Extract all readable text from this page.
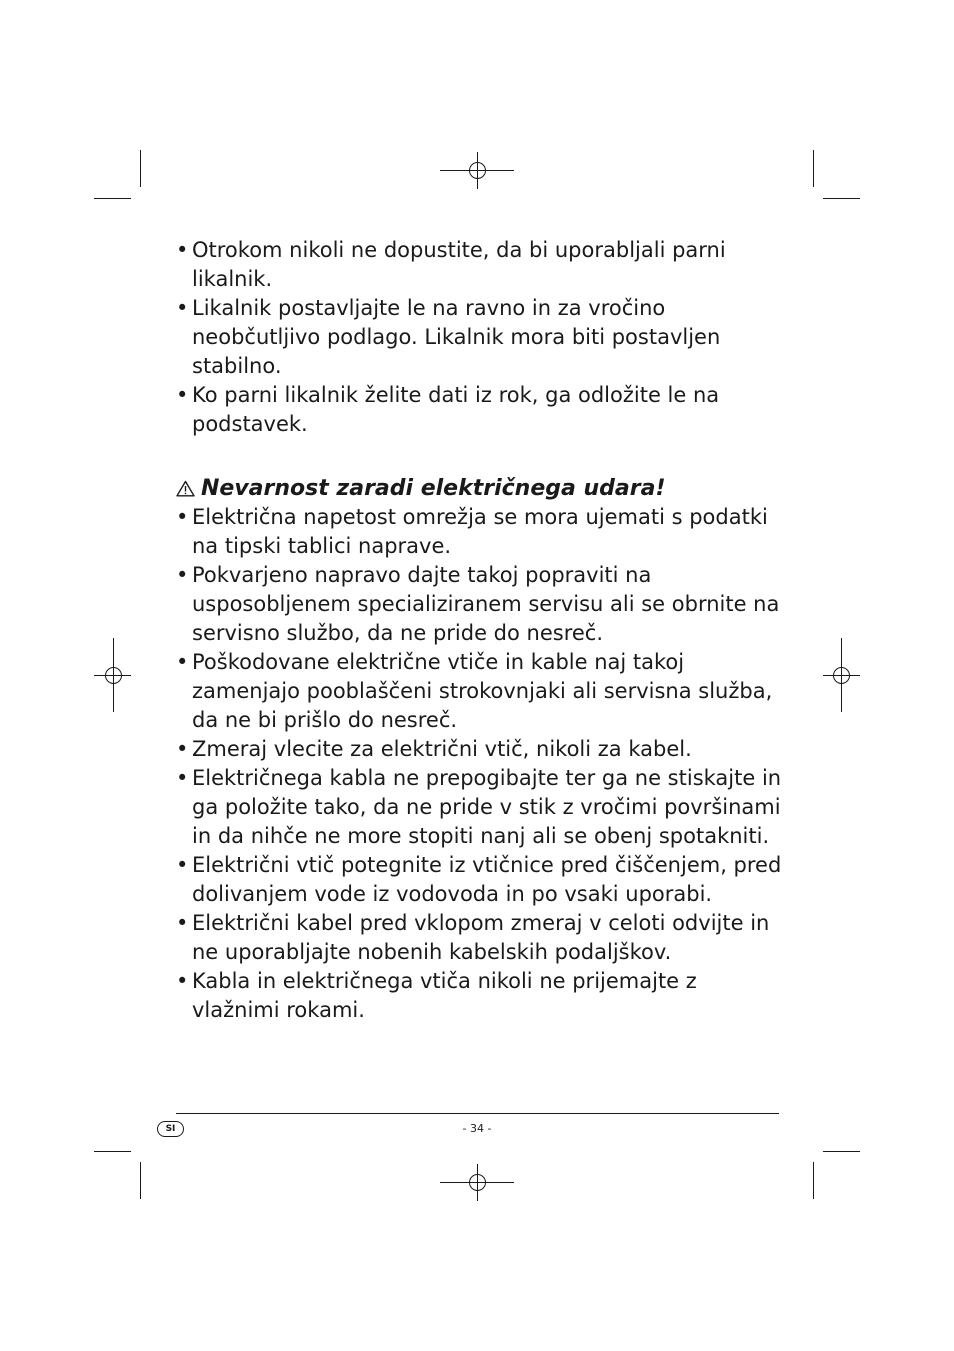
• Otrokom nikoli ne dopustite, da bi uporabljali parni likalnik.
• Likalnik postavljajte le na ravno in za vročino neobčutljivo podlago. Likalnik mora biti postavljen stabilno.
• Ko parni likalnik želite dati iz rok, ga odložite le na podstavek.
Nevarnost zaradi električnega udara!
• Električna napetost omrežja se mora ujemati s podatki na tipski tablici naprave.
• Pokvarjeno napravo dajte takoj popraviti na usposobljenem specializiranem servisu ali se obrnite na servisno službo, da ne pride do nesreč.
• Poškodovane električne vtiče in kable naj takoj zamenjajo pooblaščeni strokovnjaki ali servisna služba, da ne bi prišlo do nesreč.
• Zmeraj vlecite za električni vtič, nikoli za kabel.
• Električnega kabla ne prepogibajte ter ga ne stiskajte in ga položite tako, da ne pride v stik z vročimi površinami in da nihče ne more stopiti nanj ali se obenj spotakniti.
• Električni vtič potegnite iz vtičnice pred čiščenjem, pred dolivanjem vode iz vodovoda in po vsaki uporabi.
• Električni kabel pred vklopom zmeraj v celoti odvijte in ne uporabljajte nobenih kabelskih podaljškov.
• Kabla in električnega vtiča nikoli ne prijemajte z vlažnimi rokami.
SI	- 34 -
